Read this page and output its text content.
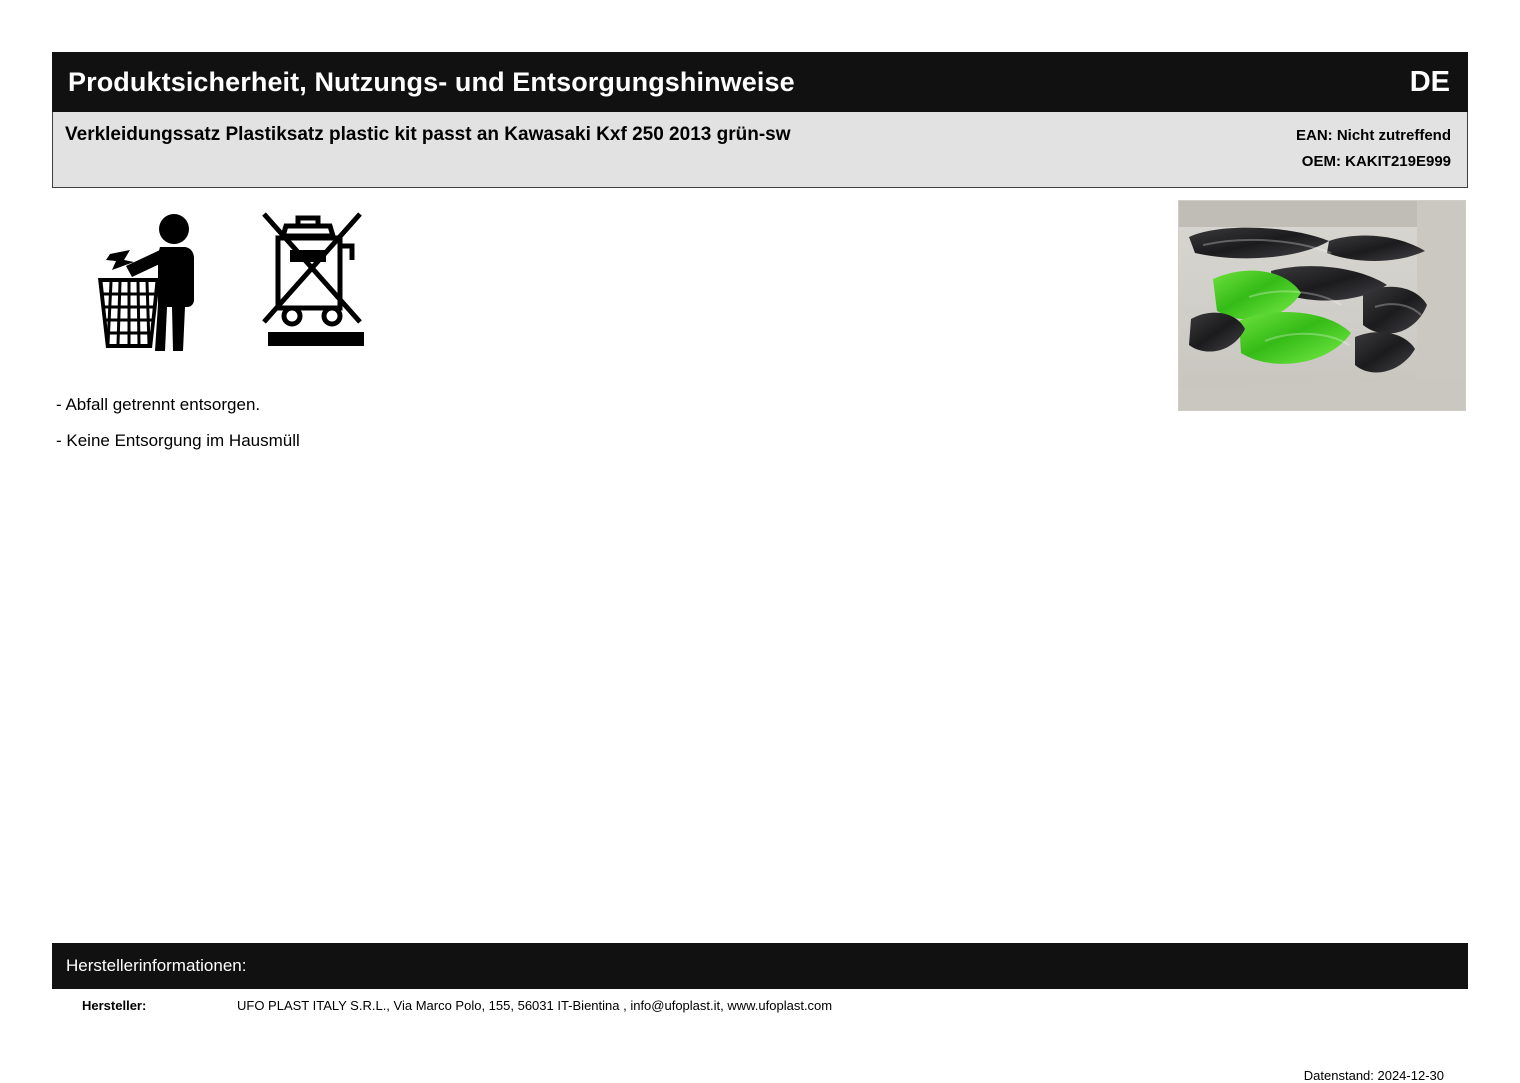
Produktsicherheit, Nutzungs- und Entsorgungshinweise	DE
Verkleidungssatz Plastiksatz plastic kit passt an Kawasaki Kxf 250 2013 grün-sw	EAN: Nicht zutreffend
OEM: KAKIT219E999
- Abfall getrennt entsorgen.
- Keine Entsorgung im Hausmüll
Herstellerinformationen:
Hersteller:	UFO PLAST ITALY S.R.L., Via Marco Polo, 155, 56031 IT-Bientina , info@ufoplast.it, www.ufoplast.com
Datenstand: 2024-12-30
